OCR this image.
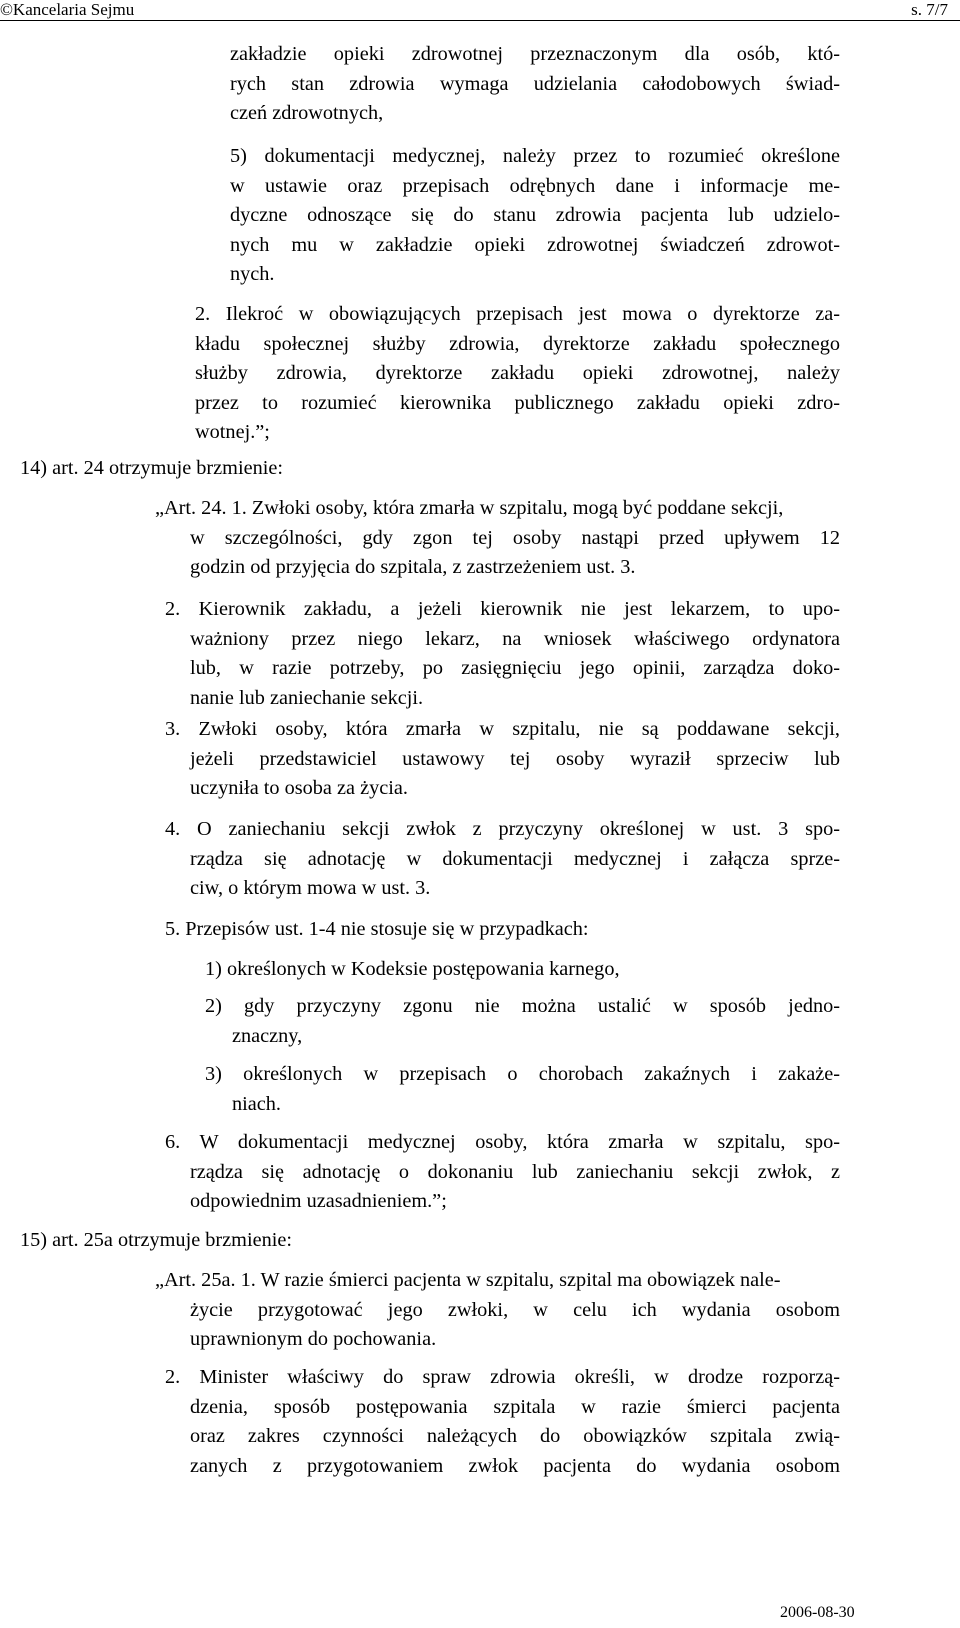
©Kancelaria Sejmu	s. 7/7
zakładzie opieki zdrowotnej przeznaczonym dla osób, któ-
rych stan zdrowia wymaga udzielania całodobowych świad-
czeń zdrowotnych,
5) dokumentacji medycznej, należy przez to rozumieć określone
w ustawie oraz przepisach odrębnych dane i informacje me-
dyczne odnoszące się do stanu zdrowia pacjenta lub udzielo-
nych mu w zakładzie opieki zdrowotnej świadczeń zdrowot-
nych.
2. Ilekroć w obowiązujących przepisach jest mowa o dyrektorze za-
kładu społecznej służby zdrowia, dyrektorze zakładu społecznego
służby zdrowia, dyrektorze zakładu opieki zdrowotnej, należy
przez to rozumieć kierownika publicznego zakładu opieki zdro-
wotnej.”;
14) art. 24 otrzymuje brzmienie:
„Art. 24. 1. Zwłoki osoby, która zmarła w szpitalu, mogą być poddane sekcji,
w szczególności, gdy zgon tej osoby nastąpi przed upływem 12
godzin od przyjęcia do szpitala, z zastrzeżeniem ust. 3.
2. Kierownik zakładu, a jeżeli kierownik nie jest lekarzem, to upo-
ważniony przez niego lekarz, na wniosek właściwego ordynatora
lub, w razie potrzeby, po zasięgnięciu jego opinii, zarządza doko-
nanie lub zaniechanie sekcji.
3. Zwłoki osoby, która zmarła w szpitalu, nie są poddawane sekcji,
jeżeli przedstawiciel ustawowy tej osoby wyraził sprzeciw lub
uczyniła to osoba za życia.
4. O zaniechaniu sekcji zwłok z przyczyny określonej w ust. 3 spo-
rządza się adnotację w dokumentacji medycznej i załącza sprze-
ciw, o którym mowa w ust. 3.
5. Przepisów ust. 1-4 nie stosuje się w przypadkach:
1) określonych w Kodeksie postępowania karnego,
2) gdy przyczyny zgonu nie można ustalić w sposób jedno-
znaczny,
3) określonych w przepisach o chorobach zakaźnych i zakaże-
niach.
6. W dokumentacji medycznej osoby, która zmarła w szpitalu, spo-
rządza się adnotację o dokonaniu lub zaniechaniu sekcji zwłok, z
odpowiednim uzasadnieniem.”;
15) art. 25a otrzymuje brzmienie:
„Art. 25a. 1. W razie śmierci pacjenta w szpitalu, szpital ma obowiązek nale-
życie przygotować jego zwłoki, w celu ich wydania osobom
uprawnionym do pochowania.
2. Minister właściwy do spraw zdrowia określi, w drodze rozporzą-
dzenia, sposób postępowania szpitala w razie śmierci pacjenta
oraz zakres czynności należących do obowiązków szpitala zwią-
zanych z przygotowaniem zwłok pacjenta do wydania osobom
2006-08-30
